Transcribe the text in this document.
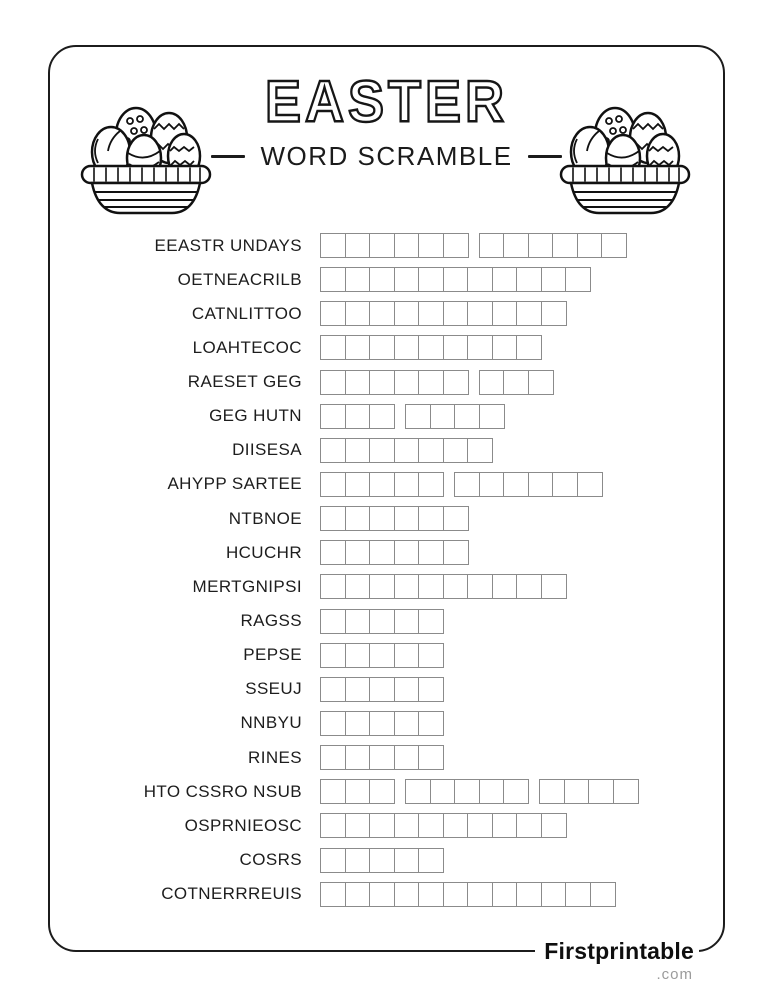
EASTER
WORD SCRAMBLE
EEASTR UNDAYS
OETNEACRILB
CATNLITTOO
LOAHTECOC
RAESET GEG
GEG HUTN
DIISESA
AHYPP SARTEE
NTBNOE
HCUCHR
MERTGNIPSI
RAGSS
PEPSE
SSEUJ
NNBYU
RINES
HTO CSSRO NSUB
OSPRNIEOSC
COSRS
COTNERRREUIS
Firstprintable
.com
